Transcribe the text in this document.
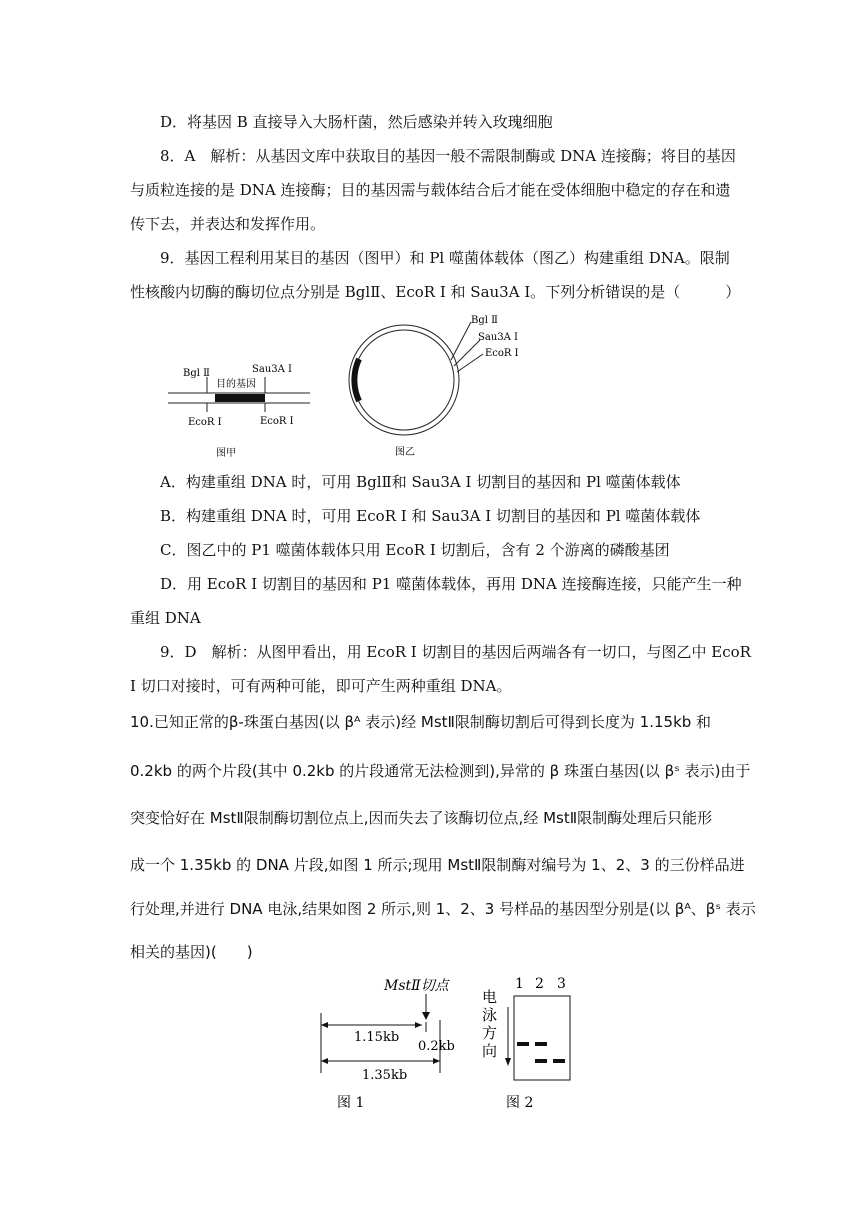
D．将基因 B 直接导入大肠杆菌，然后感染并转入玫瑰细胞
8．A　解析：从基因文库中获取目的基因一般不需限制酶或 DNA 连接酶；将目的基因
与质粒连接的是 DNA 连接酶；目的基因需与载体结合后才能在受体细胞中稳定的存在和遗
传下去，并表达和发挥作用。
9．基因工程利用某目的基因（图甲）和 Pl 噬菌体载体（图乙）构建重组 DNA。限制
性核酸内切酶的酶切位点分别是 BglⅡ、EcoR I 和 Sau3A I。下列分析错误的是（　　　）
Bgl Ⅱ	Sau3A Ⅰ
目的基因
EcoR Ⅰ	EcoR Ⅰ
图甲
Bgl Ⅱ
Sau3A Ⅰ
EcoR Ⅰ
图乙
A．构建重组 DNA 时，可用 BglⅡ和 Sau3A I 切割目的基因和 Pl 噬菌体载体
B．构建重组 DNA 时，可用 EcoR I 和 Sau3A I 切割目的基因和 Pl 噬菌体载体
C．图乙中的 P1 噬菌体载体只用 EcoR I 切割后，含有 2 个游离的磷酸基团
D．用 EcoR I 切割目的基因和 P1 噬菌体载体，再用 DNA 连接酶连接，只能产生一种
重组 DNA
9．D　解析：从图甲看出，用 EcoR I 切割目的基因后两端各有一切口，与图乙中 EcoR
I 切口对接时，可有两种可能，即可产生两种重组 DNA。
10.已知正常的β-珠蛋白基因(以 βᴬ 表示)经 MstⅡ限制酶切割后可得到长度为 1.15kb 和
0.2kb 的两个片段(其中 0.2kb 的片段通常无法检测到),异常的 β 珠蛋白基因(以 βˢ 表示)由于
突变恰好在 MstⅡ限制酶切割位点上,因而失去了该酶切位点,经 MstⅡ限制酶处理后只能形
成一个 1.35kb 的 DNA 片段,如图 1 所示;现用 MstⅡ限制酶对编号为 1、2、3 的三份样品进
行处理,并进行 DNA 电泳,结果如图 2 所示,则 1、2、3 号样品的基因型分别是(以 βᴬ、βˢ 表示
相关的基因)(　　)
MstⅡ切点
1.15kb
0.2kb
1.35kb
图 1
1 2 3
电
泳
方
向
图 2
